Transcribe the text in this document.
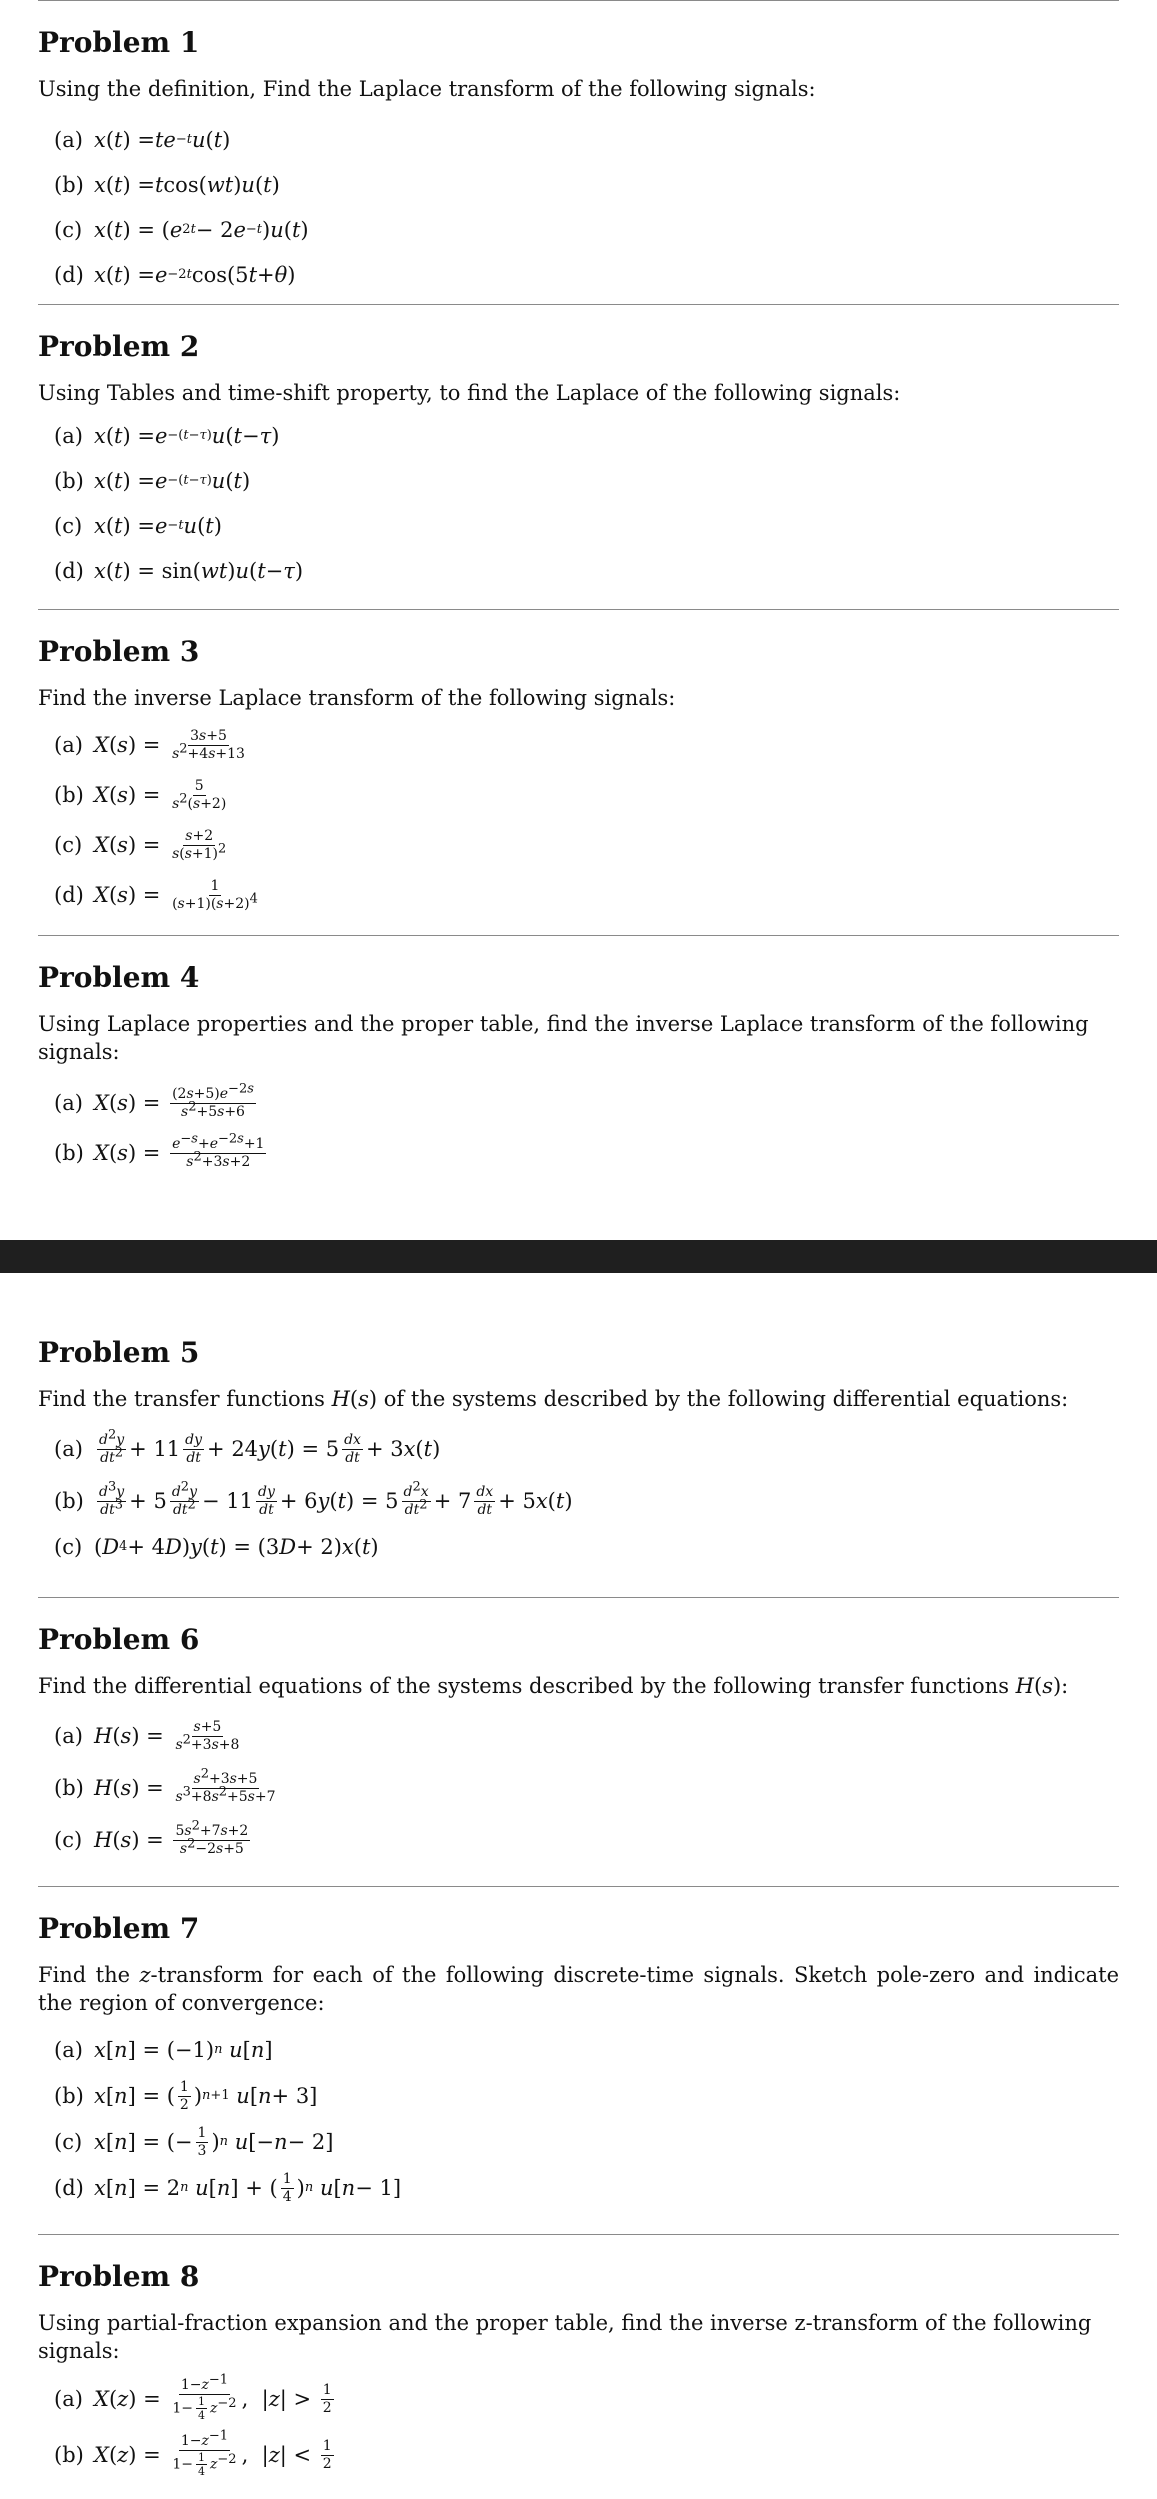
Problem 1

Using the definition, Find the Laplace transform of the following signals:

(a) x ( t ) = te −t u ( t )
(b) x ( t ) = t cos( wt ) u ( t )
(c) x ( t ) = ( e 2t − 2 e −t ) u ( t )
(d) x ( t ) = e −2t cos(5 t + θ )
Problem 2

Using Tables and time-shift property, to find the Laplace of the following signals:

(a) x ( t ) = e −(t−τ) u ( t − τ )
(b) x ( t ) = e −(t−τ) u ( t )
(c) x ( t ) = e −t u ( t )
(d) x ( t ) = sin( wt ) u ( t − τ )
Problem 3

Find the inverse Laplace transform of the following signals:

(a) X ( s ) = $\frac{3s+5}{s^2+4s+13}$
(b) X ( s ) = $\frac{5}{s^2(s+2)}$
(c) X ( s ) = $\frac{s+2}{s(s+1)^2}$
(d) X ( s ) = $\frac{1}{(s+1)(s+2)^4}$
Problem 4

Using Laplace properties and the proper table, find the inverse Laplace transform of the following signals:

(a) X ( s ) = $\frac{(2s+5)e^{-2s}}{s^2+5s+6}$
(b) X ( s ) = $\frac{e^{-s}+e^{-2s}+1}{s^2+3s+2}$
Problem 5

Find the transfer functions H(s) of the systems described by the following differential equations:

(a)	$\frac{d^2y}{dt^2} + 11 \frac{dy}{dt} + 24$ y ( t ) = $5 \frac{dx}{dt} + 3$ x ( t )
$(b) \frac{d^3y}{dt^3} + 5 \frac{d^2y}{dt^2} - 11 \frac{dy}{dt} + 6$ y ( t ) = $5 \frac{d^2x}{dt^2} + 7 \frac{dx}{dt} + 5$ x ( t )
(c) ( D 4 + 4 D ) y ( t ) = (3 D + 2) x ( t )
Problem 6

Find the differential equations of the systems described by the following transfer functions H(s):

(a) H ( s ) = $\frac{s+5}{s^2+3s+8}$
(b) H ( s ) = $\frac{s^2+3s+5}{s^3+8s^2+5s+7}$
(c) H ( s ) = $\frac{5s^2+7s+2}{s^2-2s+5}$
Problem 7

Find the z-transform for each of the following discrete-time signals. Sketch pole-zero and indicate the region of convergence:

(a) x [ n ] = (−1) n
u [ n ]
(b) x [ n ] = ( $\frac{1}{2}$ ) n+1
u [ n + 3]
(c) x [ n ] = (− $\frac{1}{3}$ ) n
u [− n − 2]
(d) x [ n ] = 2 n
u [ n ] + ( $\frac{1}{4}$ ) n
u [ n − 1]
Problem 8

Using partial-fraction expansion and the proper table, find the inverse z-transform of the following signals:

(a) X ( z ) = $\frac{1-z^{-1}}{1- \frac{1}{4} z^{-2}}$ ,  | z | > $\frac{1}{2}$
(b) X ( z ) = $\frac{1-z^{-1}}{1- \frac{1}{4} z^{-2}}$ ,  | z | < $\frac{1}{2}$
